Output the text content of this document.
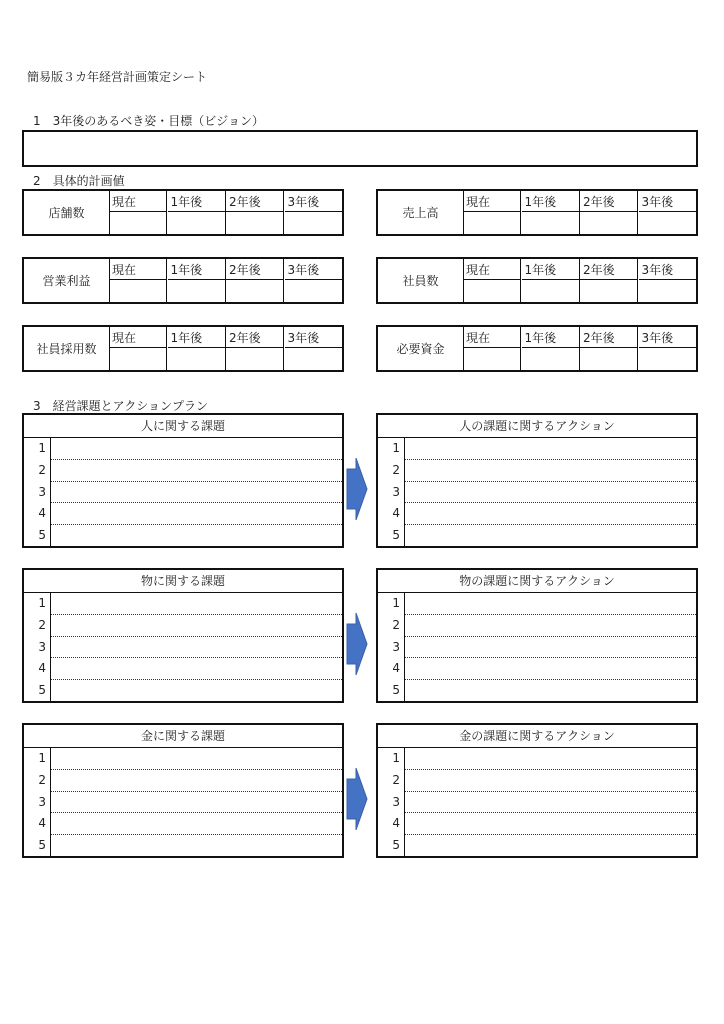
簡易版３カ年経営計画策定シート
1　3年後のあるべき姿・目標（ビジョン）
2　具体的計画値
店舗数
現在	1年後	2年後	3年後
売上高
現在	1年後	2年後	3年後
営業利益
現在	1年後	2年後	3年後
社員数
現在	1年後	2年後	3年後
社員採用数
現在	1年後	2年後	3年後
必要資金
現在	1年後	2年後	3年後
3　経営課題とアクションプラン
人に関する課題
1
2
3
4
5
人の課題に関するアクション
1
2
3
4
5
物に関する課題
1
2
3
4
5
物の課題に関するアクション
1
2
3
4
5
金に関する課題
1
2
3
4
5
金の課題に関するアクション
1
2
3
4
5
